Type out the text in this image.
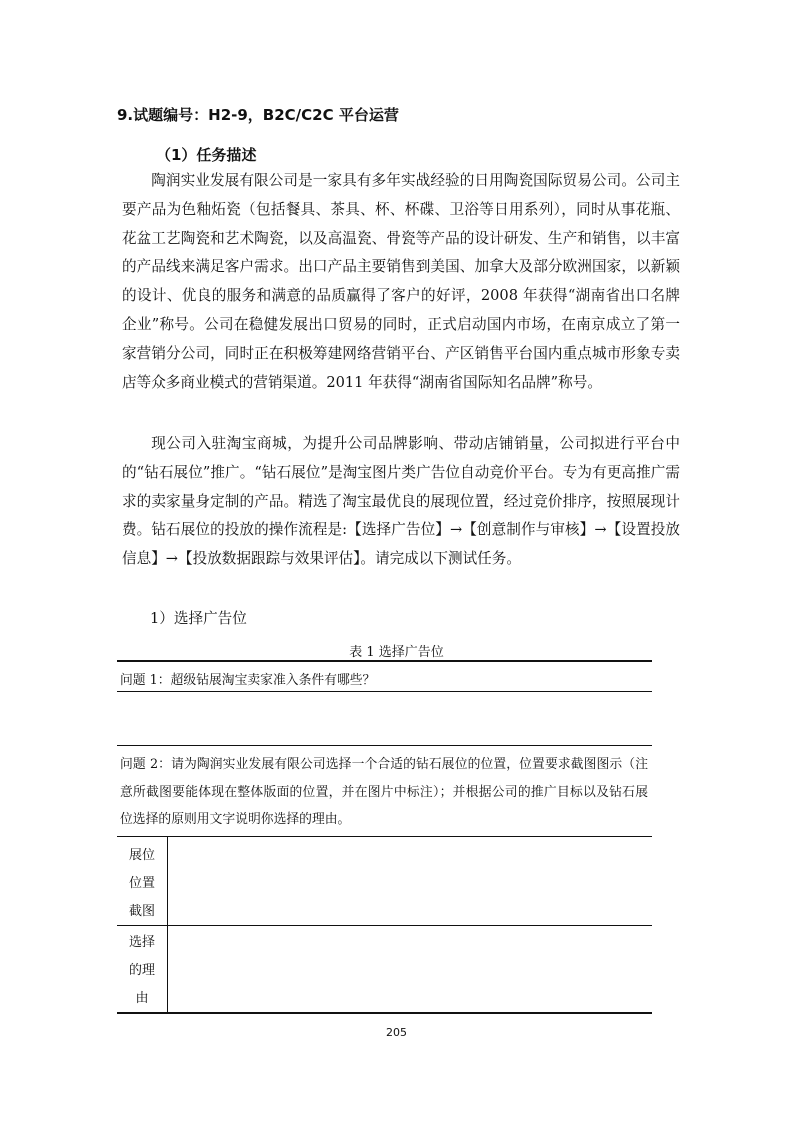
9.试题编号：H2-9，B2C/C2C 平台运营
（1）任务描述

陶润实业发展有限公司是一家具有多年实战经验的日用陶瓷国际贸易公司。公司主要产品为色釉炻瓷（包括餐具、茶具、杯、杯碟、卫浴等日用系列），同时从事花瓶、花盆工艺陶瓷和艺术陶瓷，以及高温瓷、骨瓷等产品的设计研发、生产和销售，以丰富的产品线来满足客户需求。出口产品主要销售到美国、加拿大及部分欧洲国家，以新颖的设计、优良的服务和满意的品质赢得了客户的好评，2008 年获得“湖南省出口名牌企业”称号。公司在稳健发展出口贸易的同时，正式启动国内市场，在南京成立了第一家营销分公司，同时正在积极筹建网络营销平台、产区销售平台国内重点城市形象专卖店等众多商业模式的营销渠道。2011 年获得“湖南省国际知名品牌”称号。

现公司入驻淘宝商城，为提升公司品牌影响、带动店铺销量，公司拟进行平台中的“钻石展位”推广。“钻石展位”是淘宝图片类广告位自动竞价平台。专为有更高推广需求的卖家量身定制的产品。精选了淘宝最优良的展现位置，经过竞价排序，按照展现计费。钻石展位的投放的操作流程是:【选择广告位】→【创意制作与审核】→【设置投放信息】→【投放数据跟踪与效果评估】。请完成以下测试任务。

1）选择广告位
表 1 选择广告位

问题 1：超级钻展淘宝卖家准入条件有哪些？

问题 2：请为陶润实业发展有限公司选择一个合适的钻石展位的位置，位置要求截图图示（注意所截图要能体现在整体版面的位置，并在图片中标注）；并根据公司的推广目标以及钻石展位选择的原则用文字说明你选择的理由。

展位
位置
截图
选择
的理
由
205
